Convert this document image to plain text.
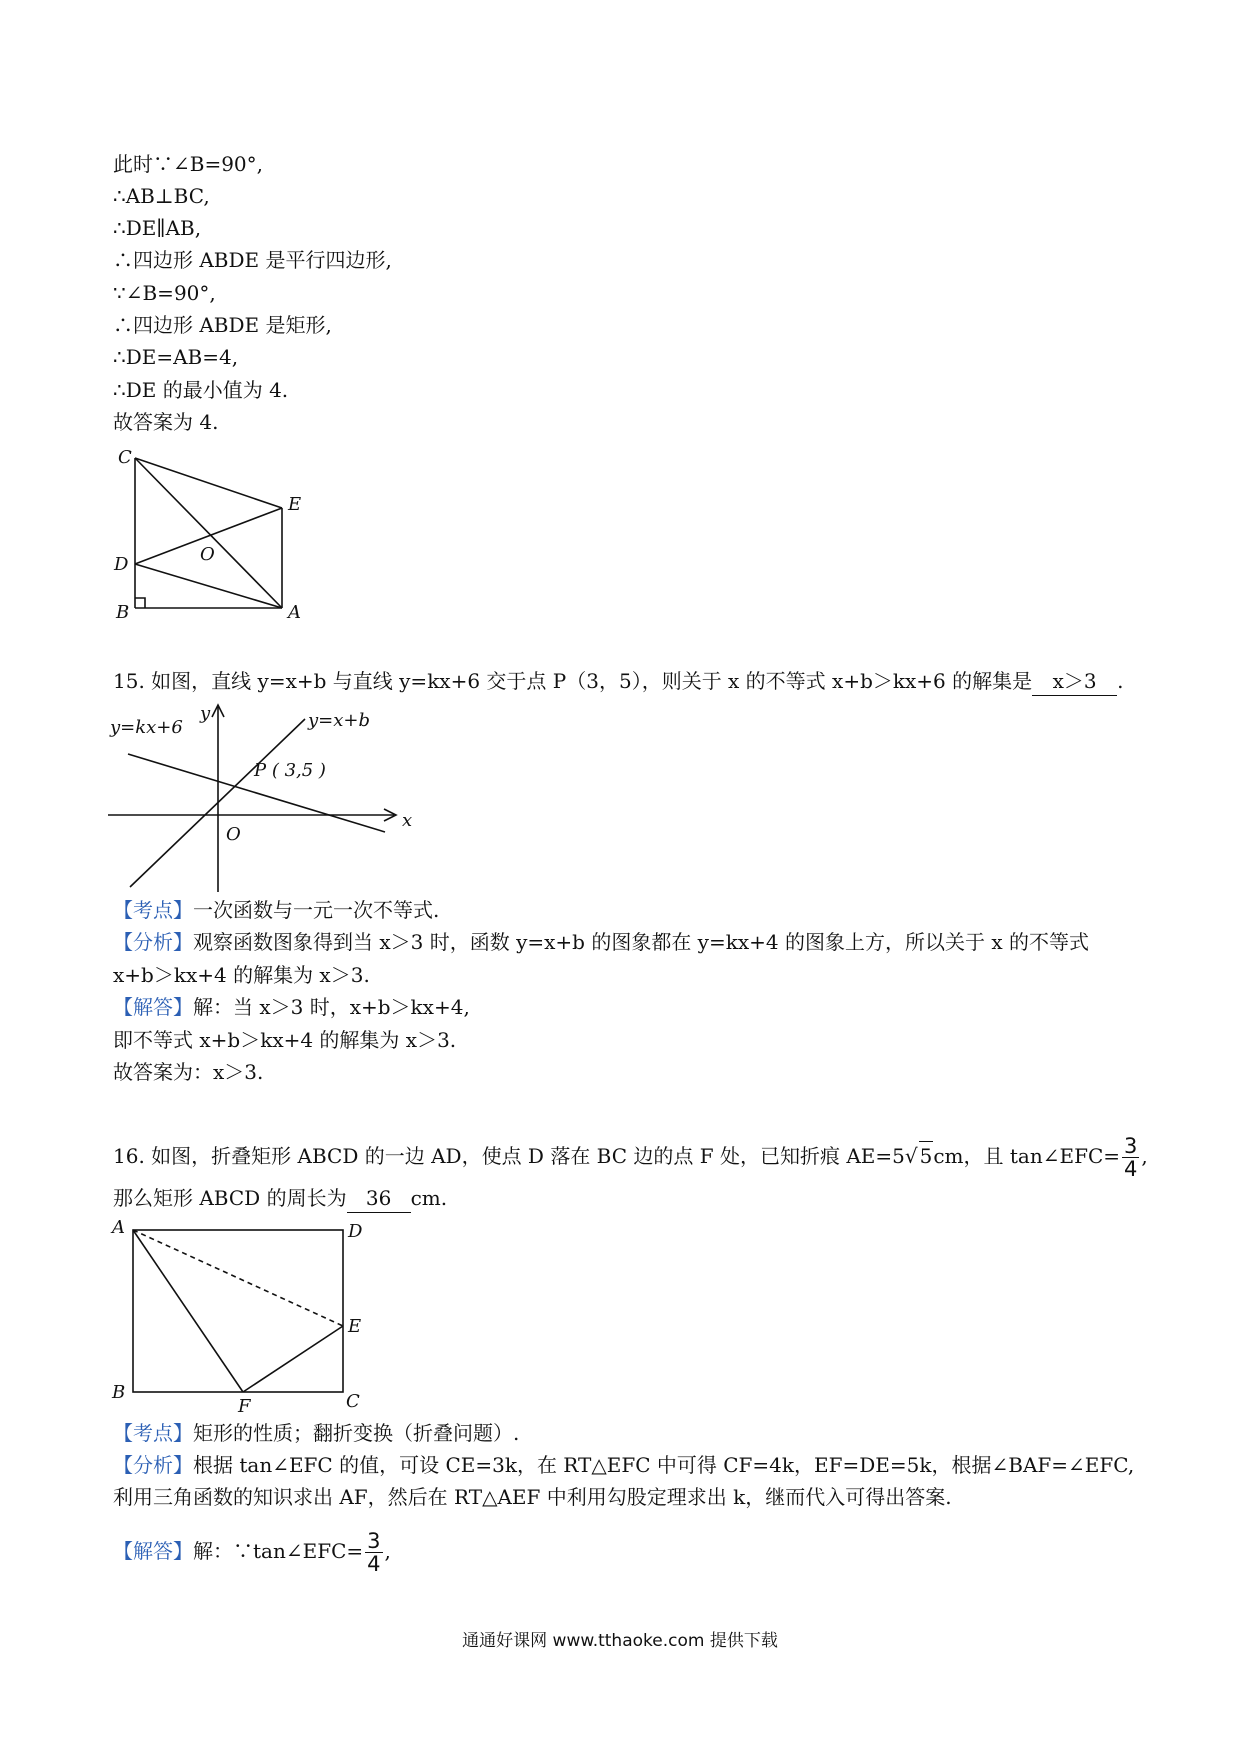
此时∵∠B=90°,
∴AB⊥BC,
∴DE∥AB,
∴四边形 ABDE 是平行四边形,
∵∠B=90°,
∴四边形 ABDE 是矩形,
∴DE=AB=4,
∴DE 的最小值为 4.
故答案为 4.
C
E
D	O
B	A
15. 如图，直线 y=x+b 与直线 y=kx+6 交于点 P（3，5），则关于 x 的不等式 x+b＞kx+6 的解集是 x＞3 .
y=kx+6	y=x+b
P ( 3,5 )
y
x
O
【考点】一次函数与一元一次不等式.
【分析】观察函数图象得到当 x＞3 时，函数 y=x+b 的图象都在 y=kx+4 的图象上方，所以关于 x 的不等式
x+b＞kx+4 的解集为 x＞3.
【解答】解：当 x＞3 时，x+b＞kx+4,
即不等式 x+b＞kx+4 的解集为 x＞3.
故答案为：x＞3.
16. 如图，折叠矩形 ABCD 的一边 AD，使点 D 落在 BC 边的点 F 处，已知折痕 AE=5√ 5cm，且 tan∠EFC= $\frac{3}{4}$ ,
那么矩形 ABCD 的周长为 36 cm.
A	D
E
B
F	C
【考点】矩形的性质；翻折变换（折叠问题）.
【分析】根据 tan∠EFC 的值，可设 CE=3k，在 RT△EFC 中可得 CF=4k，EF=DE=5k，根据∠BAF=∠EFC,
利用三角函数的知识求出 AF，然后在 RT△AEF 中利用勾股定理求出 k，继而代入可得出答案.
【解答】解：∵tan∠EFC= $\frac{3}{4}$ ,
通通好课网 www.tthaoke.com 提供下载
